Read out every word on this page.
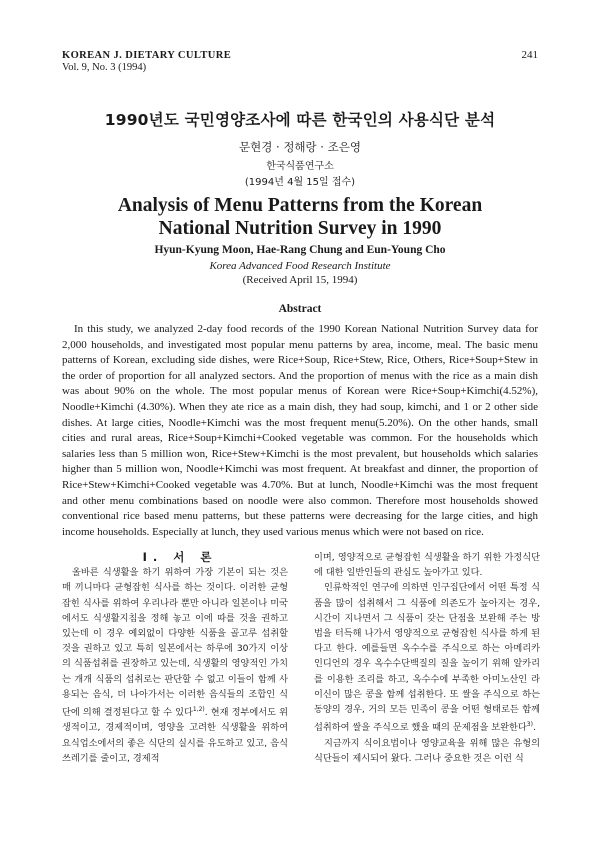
KOREAN J. DIETARY CULTURE
Vol. 9, No. 3 (1994)
241
1990년도 국민영양조사에 따른 한국인의 사용식단 분석
문현경 · 정해랑 · 조은영
한국식품연구소
(1994년 4월 15일 접수)
Analysis of Menu Patterns from the Korean
National Nutrition Survey in 1990
Hyun-Kyung Moon, Hae-Rang Chung and Eun-Young Cho
Korea Advanced Food Research Institute
(Received April 15, 1994)
Abstract

In this study, we analyzed 2-day food records of the 1990 Korean National Nutrition Survey data for 2,000 households, and investigated most popular menu patterns by area, income, meal. The basic menu patterns of Korean, excluding side dishes, were Rice+Soup, Rice+Stew, Rice, Others, Rice+Soup+Stew in the order of proportion for all analyzed sectors. And the proportion of menus with the rice as a main dish was about 90% on the whole. The most popular menus of Korean were Rice+Soup+Kimchi(4.52%), Noodle+Kimchi (4.30%). When they ate rice as a main dish, they had soup, kimchi, and 1 or 2 other side dishes. At large cities, Noodle+Kimchi was the most frequent menu(5.20%). On the other hands, small cities and rural areas, Rice+Soup+Kimchi+Cooked vegetable was common. For the households which salaries less than 5 million won, Rice+Stew+Kimchi is the most prevalent, but households which salaries higher than 5 million won, Noodle+Kimchi was most frequent. At breakfast and dinner, the proportion of Rice+Stew+Kimchi+Cooked vegetable was 4.70%. But at lunch, Noodle+Kimchi was the most frequent and other menu combinations based on noodle were also common. Therefore most households showed conventional rice based menu patterns, but these patterns were decreasing for the large cities, and high income households. Especially at lunch, they used various menus which were not based on rice.

I. 서 론

올바른 식생활을 하기 위하여 가장 기본이 되는 것은 매 끼니마다 균형잡힌 식사를 하는 것이다. 이러한 균형잡힌 식사를 위하여 우리나라 뿐만 아니라 일본이나 미국에서도 식생활지침을 정해 놓고 이에 따를 것을 권하고 있는데 이 경우 예외없이 다양한 식품을 골고루 섭취할 것을 권하고 있고 특히 일본에서는 하루에 30가지 이상의 식품섭취를 권장하고 있는데, 식생활의 영양적인 가치는 개개 식품의 섭취로는 판단할 수 없고 이들이 함께 사용되는 음식, 더 나아가서는 이러한 음식들의 조합인 식단에 의해 결정된다고 할 수 있다$^{1,2)}$. 현재 정부에서도 위생적이고, 경제적이며, 영양을 고려한 식생활을 위하여 요식업소에서의 좋은 식단의 실시를 유도하고 있고, 음식쓰레기를 줄이고, 경제적

이며, 영양적으로 균형잡힌 식생활을 하기 위한 가정식단에 대한 일반인들의 관심도 높아가고 있다.

인류학적인 연구에 의하면 인구집단에서 어떤 특정 식품을 많이 섭취해서 그 식품에 의존도가 높아지는 경우, 시간이 지나면서 그 식품이 갖는 단점을 보완해 주는 방법을 터득해 나가서 영양적으로 균형잡힌 식사를 하게 된다고 한다. 예를들면 옥수수를 주식으로 하는 아메리카 인디언의 경우 옥수수단백질의 질을 높이기 위해 알카리를 이용한 조리를 하고, 옥수수에 부족한 아미노산인 라이신이 많은 콩을 함께 섭취한다. 또 쌀을 주식으로 하는 동양의 경우, 거의 모든 민족이 콩을 어떤 형태로든 함께 섭취하여 쌀을 주식으로 했을 때의 문제점을 보완한다$^{3)}$.

지금까지 식이요법이나 영양교육을 위해 많은 유형의 식단들이 제시되어 왔다. 그러나 중요한 것은 이런 식
